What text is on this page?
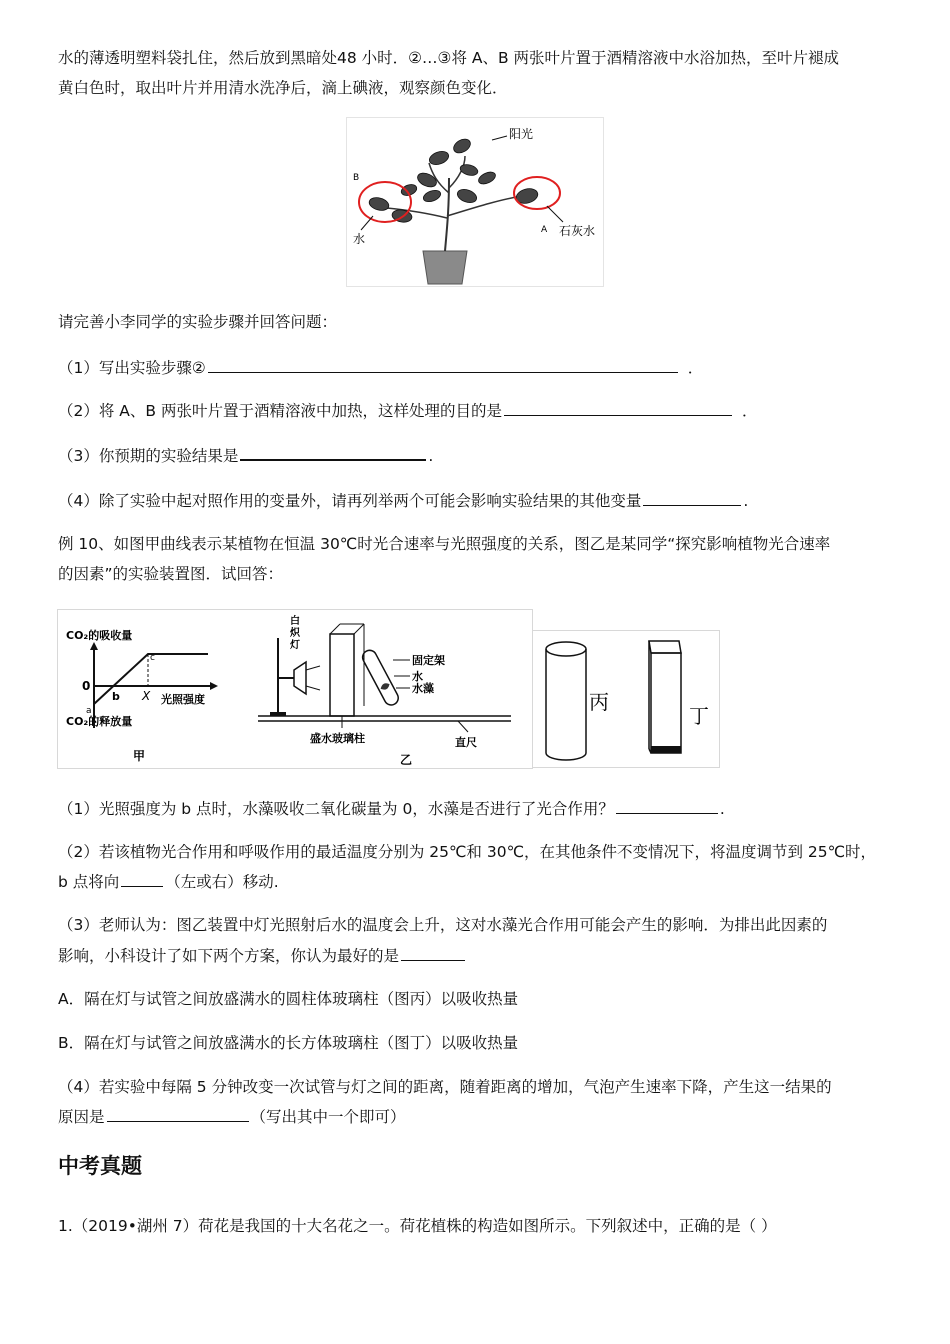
水的薄透明塑料袋扎住，然后放到黑暗处48 小时．②…③将 A、B 两张叶片置于酒精溶液中水浴加热，至叶片褪成
黄白色时，取出叶片并用清水洗净后，滴上碘液，观察颜色变化．
阳光
B
A
水
石灰水
请完善小李同学的实验步骤并回答问题：
（1）写出实验步骤②	．
（2）将 A、B 两张叶片置于酒精溶液中加热，这样处理的目的是	．
（3）你预期的实验结果是	.
（4）除了实验中起对照作用的变量外，请再列举两个可能会影响实验结果的其他变量	.
例 10、如图甲曲线表示某植物在恒温 30℃时光合速率与光照强度的关系，图乙是某同学“探究影响植物光合速率
的因素”的实验装置图．试回答：
CO₂的吸收量
CO₂的释放量
光照强度
0
a
b
c
X
甲
白
炽
灯
固定架
水
水藻
盛水玻璃柱	直尺
乙
丙
丁
（1）光照强度为 b 点时，水藻吸收二氧化碳量为 0，水藻是否进行了光合作用？	.
（2）若该植物光合作用和呼吸作用的最适温度分别为 25℃和 30℃，在其他条件不变情况下，将温度调节到 25℃时，
b 点将向	（左或右）移动.
（3）老师认为：图乙装置中灯光照射后水的温度会上升，这对水藻光合作用可能会产生的影响．为排出此因素的
影响，小科设计了如下两个方案，你认为最好的是
A．隔在灯与试管之间放盛满水的圆柱体玻璃柱（图丙）以吸收热量
B．隔在灯与试管之间放盛满水的长方体玻璃柱（图丁）以吸收热量
（4）若实验中每隔 5 分钟改变一次试管与灯之间的距离，随着距离的增加，气泡产生速率下降，产生这一结果的
原因是	（写出其中一个即可）
中考真题
1.（2019•湖州 7）荷花是我国的十大名花之一。荷花植株的构造如图所示。下列叙述中，正确的是（ ）
